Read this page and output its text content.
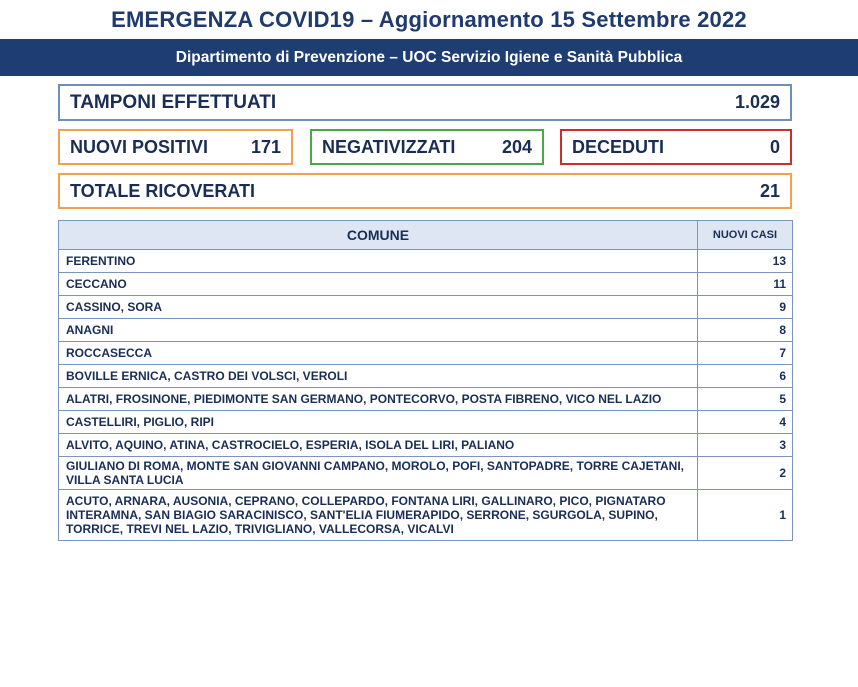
EMERGENZA COVID19 – Aggiornamento 15 Settembre 2022
Dipartimento di Prevenzione – UOC Servizio Igiene e Sanità Pubblica
TAMPONI EFFETTUATI	1.029
NUOVI POSITIVI 171 NEGATIVIZZATI	204 DECEDUTI	0
TOTALE RICOVERATI	21
COMUNE	NUOVI CASI
FERENTINO	13
CECCANO	11
CASSINO, SORA	9
ANAGNI	8
ROCCASECCA	7
BOVILLE ERNICA, CASTRO DEI VOLSCI, VEROLI	6
ALATRI, FROSINONE, PIEDIMONTE SAN GERMANO, PONTECORVO, POSTA FIBRENO, VICO NEL LAZIO	5
CASTELLIRI, PIGLIO, RIPI	4
ALVITO, AQUINO, ATINA, CASTROCIELO, ESPERIA, ISOLA DEL LIRI, PALIANO	3
GIULIANO DI ROMA, MONTE SAN GIOVANNI CAMPANO, MOROLO, POFI, SANTOPADRE, TORRE CAJETANI, VILLA SANTA LUCIA	2
ACUTO, ARNARA, AUSONIA, CEPRANO, COLLEPARDO, FONTANA LIRI, GALLINARO, PICO, PIGNATARO INTERAMNA, SAN BIAGIO SARACINISCO, SANT'ELIA FIUMERAPIDO, SERRONE, SGURGOLA, SUPINO, TORRICE, TREVI NEL LAZIO, TRIVIGLIANO, VALLECORSA, VICALVI	1
